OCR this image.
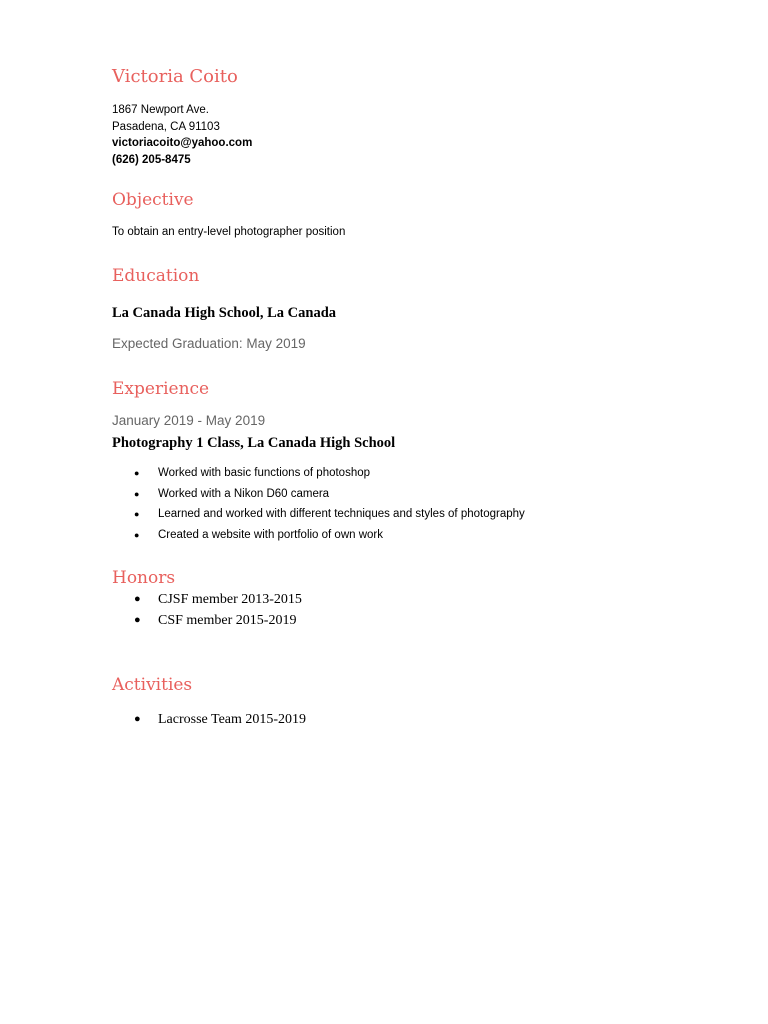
Victoria Coito
1867 Newport Ave.
Pasadena, CA 91103
victoriacoito@yahoo.com
(626) 205-8475
Objective
To obtain an entry-level photographer position
Education
La Canada High School, La Canada
Expected Graduation: May 2019
Experience
January 2019 - May 2019
Photography 1 Class, La Canada High School
● Worked with basic functions of photoshop
● Worked with a Nikon D60 camera
● Learned and worked with different techniques and styles of photography
● Created a website with portfolio of own work
Honors
● CJSF member 2013-2015
● CSF member 2015-2019
Activities
● Lacrosse Team 2015-2019
